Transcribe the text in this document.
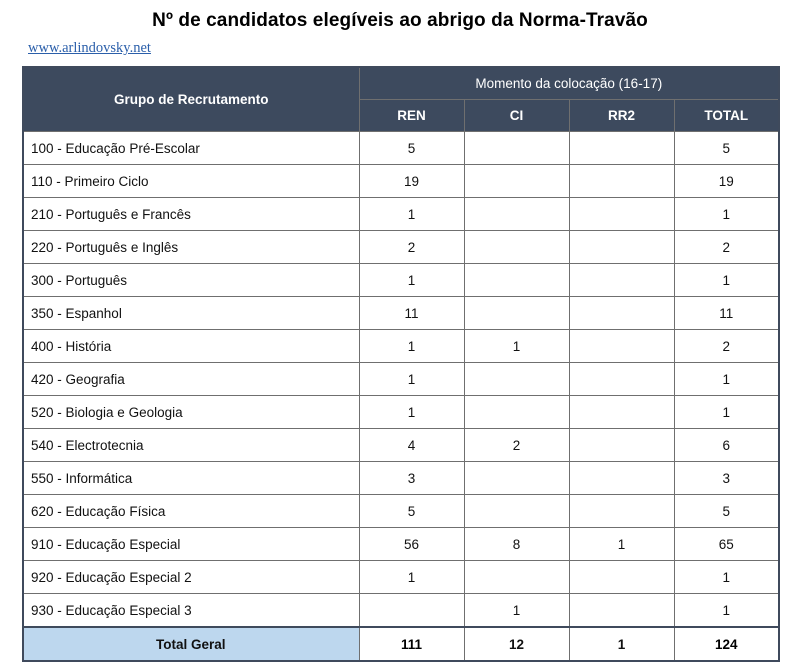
Nº de candidatos elegíveis ao abrigo da Norma-Travão
www.arlindovsky.net
Grupo de Recrutamento	Momento da colocação (16-17)			
	REN	CI	RR2	TOTAL
100 - Educação Pré-Escolar	5			5
110 - Primeiro Ciclo	19			19
210 - Português e Francês	1			1
220 - Português e Inglês	2			2
300 - Português	1			1
350 - Espanhol	11			11
400 - História	1	1		2
420 - Geografia	1			1
520 - Biologia e Geologia	1			1
540 - Electrotecnia	4	2		6
550 - Informática	3			3
620 - Educação Física	5			5
910 - Educação Especial	56	8	1	65
920 - Educação Especial 2	1			1
930 - Educação Especial 3		1		1
Total Geral	111	12	1	124
